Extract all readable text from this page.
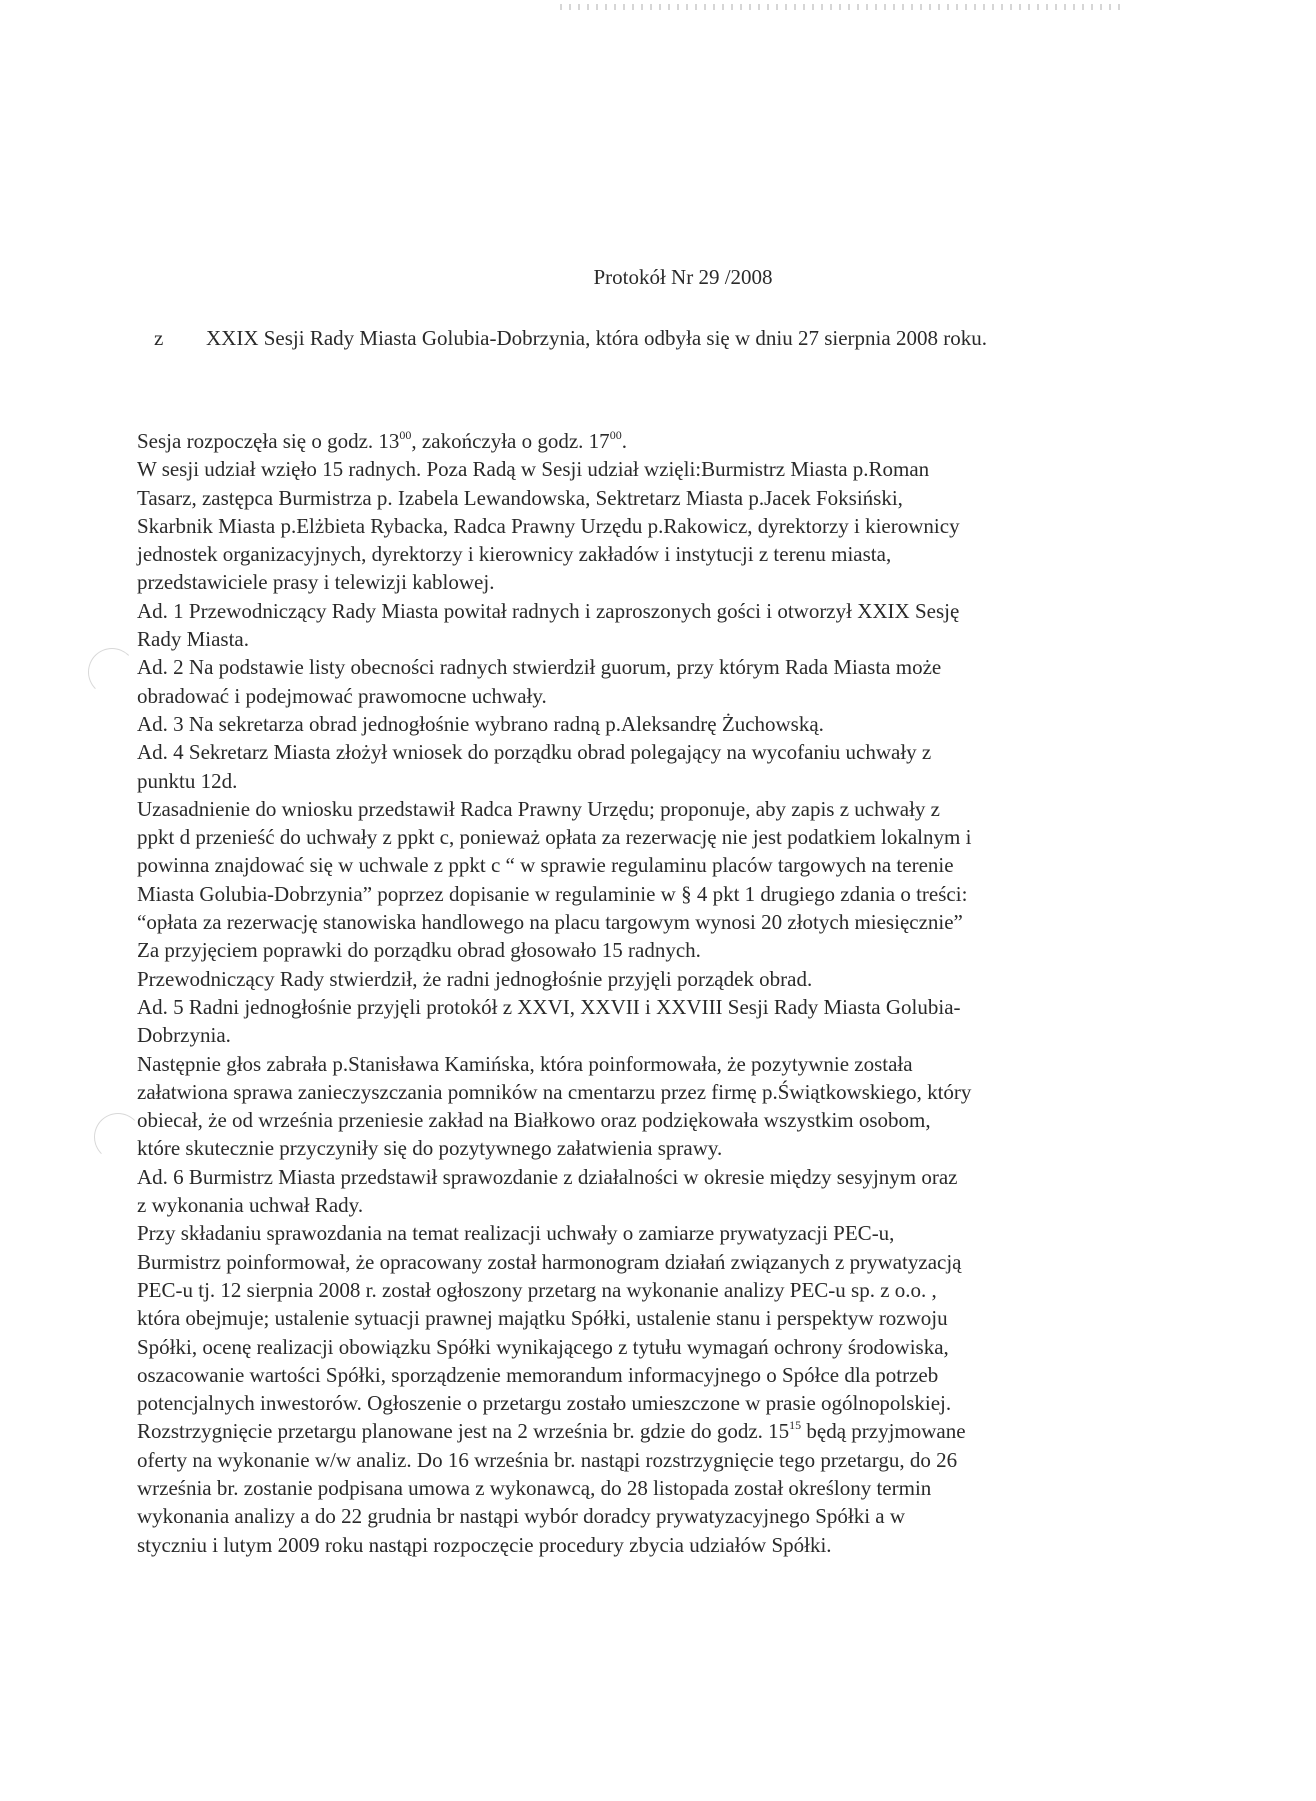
Protokół Nr 29 /2008
z XXIX Sesji Rady Miasta Golubia-Dobrzynia, która odbyła się w dniu 27 sierpnia 2008 roku.
Sesja rozpoczęła się o godz. $13^{00}$, zakończyła o godz. $17^{00}$.
W sesji udział wzięło 15 radnych. Poza Radą w Sesji udział wzięli:Burmistrz Miasta p.Roman
Tasarz, zastępca Burmistrza p. Izabela Lewandowska, Sektretarz Miasta p.Jacek Foksiński,
Skarbnik Miasta p.Elżbieta Rybacka, Radca Prawny Urzędu p.Rakowicz, dyrektorzy i kierownicy
jednostek organizacyjnych, dyrektorzy i kierownicy zakładów i instytucji z terenu miasta,
przedstawiciele prasy i telewizji kablowej.
Ad. 1 Przewodniczący Rady Miasta powitał radnych i zaproszonych gości i otworzył XXIX Sesję
Rady Miasta.
Ad. 2 Na podstawie listy obecności radnych stwierdził guorum, przy którym Rada Miasta może
obradować i podejmować prawomocne uchwały.
Ad. 3 Na sekretarza obrad jednogłośnie wybrano radną p.Aleksandrę Żuchowską.
Ad. 4 Sekretarz Miasta złożył wniosek do porządku obrad polegający na wycofaniu uchwały z
punktu 12d.
Uzasadnienie do wniosku przedstawił Radca Prawny Urzędu; proponuje, aby zapis z uchwały z
ppkt d przenieść do uchwały z ppkt c, ponieważ opłata za rezerwację nie jest podatkiem lokalnym i
powinna znajdować się w uchwale z ppkt c “ w sprawie regulaminu placów targowych na terenie
Miasta Golubia-Dobrzynia” poprzez dopisanie w regulaminie w § 4 pkt 1 drugiego zdania o treści:
“opłata za rezerwację stanowiska handlowego na placu targowym wynosi 20 złotych miesięcznie”
Za przyjęciem poprawki do porządku obrad głosowało 15 radnych.
Przewodniczący Rady stwierdził, że radni jednogłośnie przyjęli porządek obrad.
Ad. 5 Radni jednogłośnie przyjęli protokół z XXVI, XXVII i XXVIII Sesji Rady Miasta Golubia-
Dobrzynia.
Następnie głos zabrała p.Stanisława Kamińska, która poinformowała, że pozytywnie została
załatwiona sprawa zanieczyszczania pomników na cmentarzu przez firmę p.Świątkowskiego, który
obiecał, że od września przeniesie zakład na Białkowo oraz podziękowała wszystkim osobom,
które skutecznie przyczyniły się do pozytywnego załatwienia sprawy.
Ad. 6 Burmistrz Miasta przedstawił sprawozdanie z działalności w okresie między sesyjnym oraz
z wykonania uchwał Rady.
Przy składaniu sprawozdania na temat realizacji uchwały o zamiarze prywatyzacji PEC-u,
Burmistrz poinformował, że opracowany został harmonogram działań związanych z prywatyzacją
PEC-u tj. 12 sierpnia 2008 r. został ogłoszony przetarg na wykonanie analizy PEC-u sp. z o.o. ,
która obejmuje; ustalenie sytuacji prawnej majątku Spółki, ustalenie stanu i perspektyw rozwoju
Spółki, ocenę realizacji obowiązku Spółki wynikającego z tytułu wymagań ochrony środowiska,
oszacowanie wartości Spółki, sporządzenie memorandum informacyjnego o Spółce dla potrzeb
potencjalnych inwestorów. Ogłoszenie o przetargu zostało umieszczone w prasie ogólnopolskiej.
Rozstrzygnięcie przetargu planowane jest na 2 września br. gdzie do godz. $15^{15}$ będą przyjmowane
oferty na wykonanie w/w analiz. Do 16 września br. nastąpi rozstrzygnięcie tego przetargu, do 26
września br. zostanie podpisana umowa z wykonawcą, do 28 listopada został określony termin
wykonania analizy a do 22 grudnia br nastąpi wybór doradcy prywatyzacyjnego Spółki a w
styczniu i lutym 2009 roku nastąpi rozpoczęcie procedury zbycia udziałów Spółki.
